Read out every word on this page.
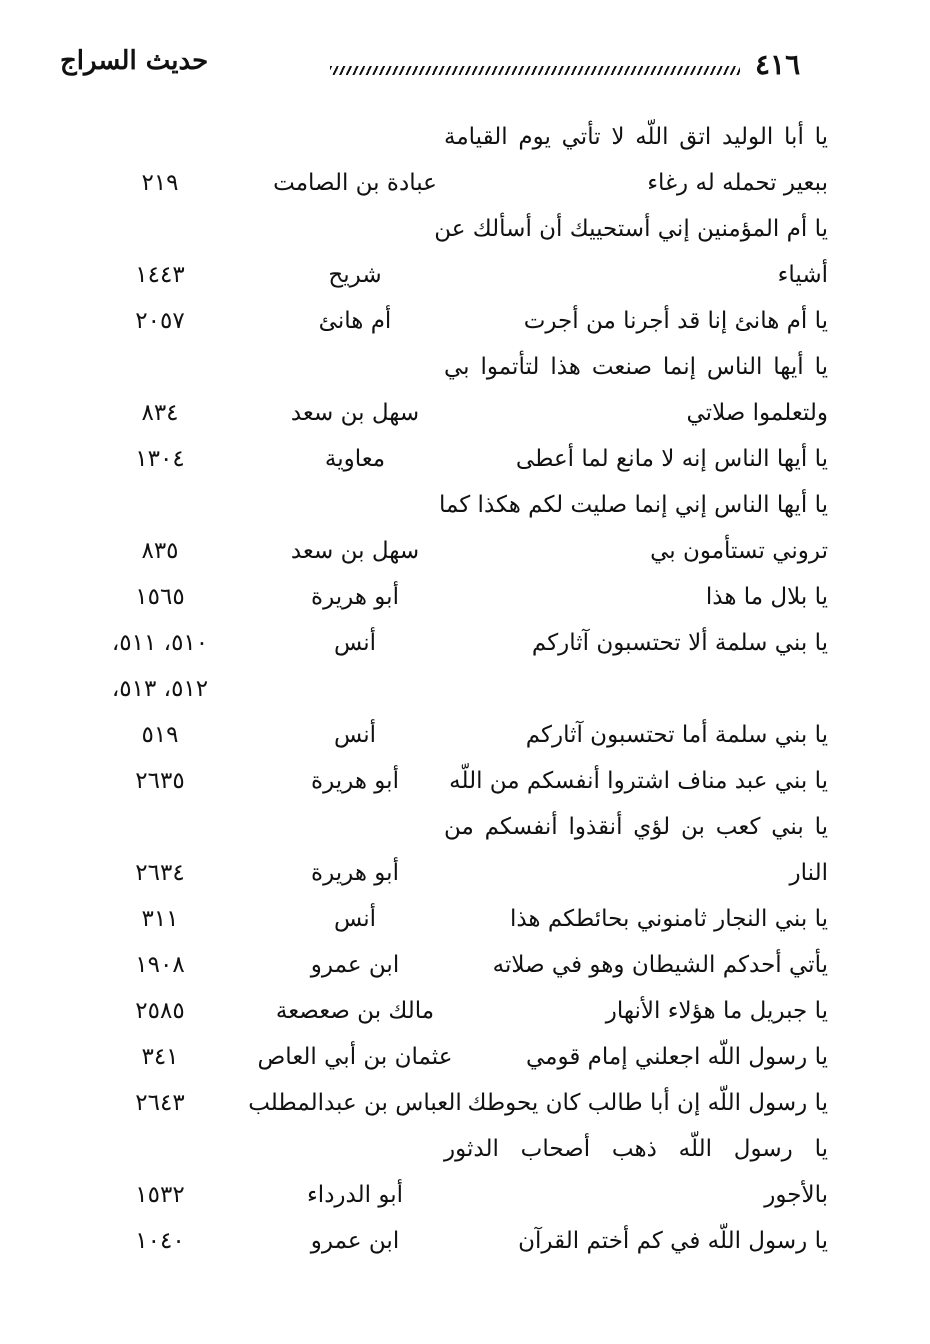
حديث السراج	٤١٦
يا أبا الوليد اتق اللّه لا تأتي يوم القيامة
ببعير تحمله له رغاء
عبادة بن الصامت
٢١٩
يا أم المؤمنين إني أستحييك أن أسألك عن
أشياء
شريح
١٤٤٣
يا أم هانئ إنا قد أجرنا من أجرت
أم هانئ
٢٠٥٧
يا أيها الناس إنما صنعت هذا لتأتموا بي
ولتعلموا صلاتي
سهل بن سعد
٨٣٤
يا أيها الناس إنه لا مانع لما أعطى
معاوية
١٣٠٤
يا أيها الناس إني إنما صليت لكم هكذا كما
تروني تستأمون بي
سهل بن سعد
٨٣٥
يا بلال ما هذا
أبو هريرة
١٥٦٥
يا بني سلمة ألا تحتسبون آثاركم
أنس
٥١٠، ٥١١،
٥١٢، ٥١٣،
يا بني سلمة أما تحتسبون آثاركم
أنس
٥١٩
يا بني عبد مناف اشتروا أنفسكم من اللّه
أبو هريرة
٢٦٣٥
يا بني كعب بن لؤي أنقذوا أنفسكم من
النار
أبو هريرة
٢٦٣٤
يا بني النجار ثامنوني بحائطكم هذا
أنس
٣١١
يأتي أحدكم الشيطان وهو في صلاته
ابن عمرو
١٩٠٨
يا جبريل ما هؤلاء الأنهار
مالك بن صعصعة
٢٥٨٥
يا رسول اللّه اجعلني إمام قومي
عثمان بن أبي العاص
٣٤١
يا رسول اللّه إن أبا طالب كان يحوطك
العباس بن عبدالمطلب
٢٦٤٣
يا رسول اللّه ذهب أصحاب الدثور
بالأجور
أبو الدرداء
١٥٣٢
يا رسول اللّه في كم أختم القرآن
ابن عمرو
١٠٤٠
